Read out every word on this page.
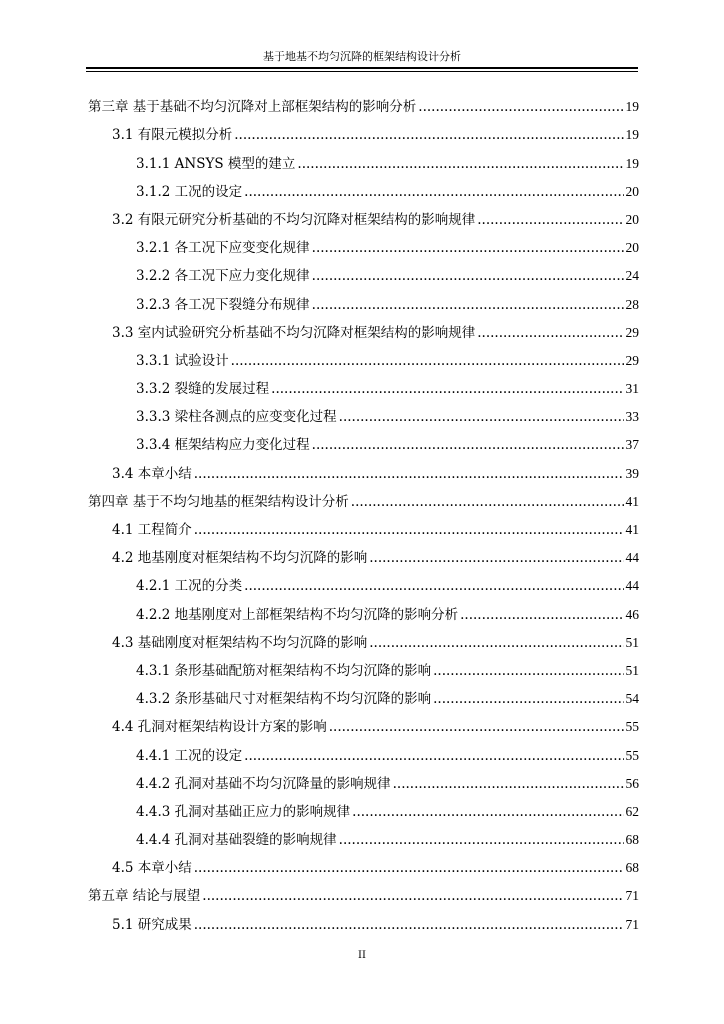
基于地基不均匀沉降的框架结构设计分析
第三章 基于基础不均匀沉降对上部框架结构的影响分析 .....	19
3.1 有限元模拟分析 .....	19
3.1.1 ANSYS 模型的建立 .....	19
3.1.2 工况的设定 .....	20
3.2 有限元研究分析基础的不均匀沉降对框架结构的影响规律 .....	20
3.2.1 各工况下应变变化规律 .....	20
3.2.2 各工况下应力变化规律 .....	24
3.2.3 各工况下裂缝分布规律 .....	28
3.3 室内试验研究分析基础不均匀沉降对框架结构的影响规律 .....	29
3.3.1 试验设计 .....	29
3.3.2 裂缝的发展过程 .....	31
3.3.3 梁柱各测点的应变变化过程 .....	33
3.3.4 框架结构应力变化过程 .....	37
3.4 本章小结 .....	39
第四章 基于不均匀地基的框架结构设计分析 .....	41
4.1 工程简介 .....	41
4.2 地基刚度对框架结构不均匀沉降的影响 .....	44
4.2.1 工况的分类 .....	44
4.2.2 地基刚度对上部框架结构不均匀沉降的影响分析 .....	46
4.3 基础刚度对框架结构不均匀沉降的影响 .....	51
4.3.1 条形基础配筋对框架结构不均匀沉降的影响 .....	51
4.3.2 条形基础尺寸对框架结构不均匀沉降的影响 .....	54
4.4 孔洞对框架结构设计方案的影响 .....	55
4.4.1 工况的设定 .....	55
4.4.2 孔洞对基础不均匀沉降量的影响规律 .....	56
4.4.3 孔洞对基础正应力的影响规律 .....	62
4.4.4 孔洞对基础裂缝的影响规律 .....	68
4.5 本章小结 .....	68
第五章 结论与展望 .....	71
5.1 研究成果 .....	71
II
